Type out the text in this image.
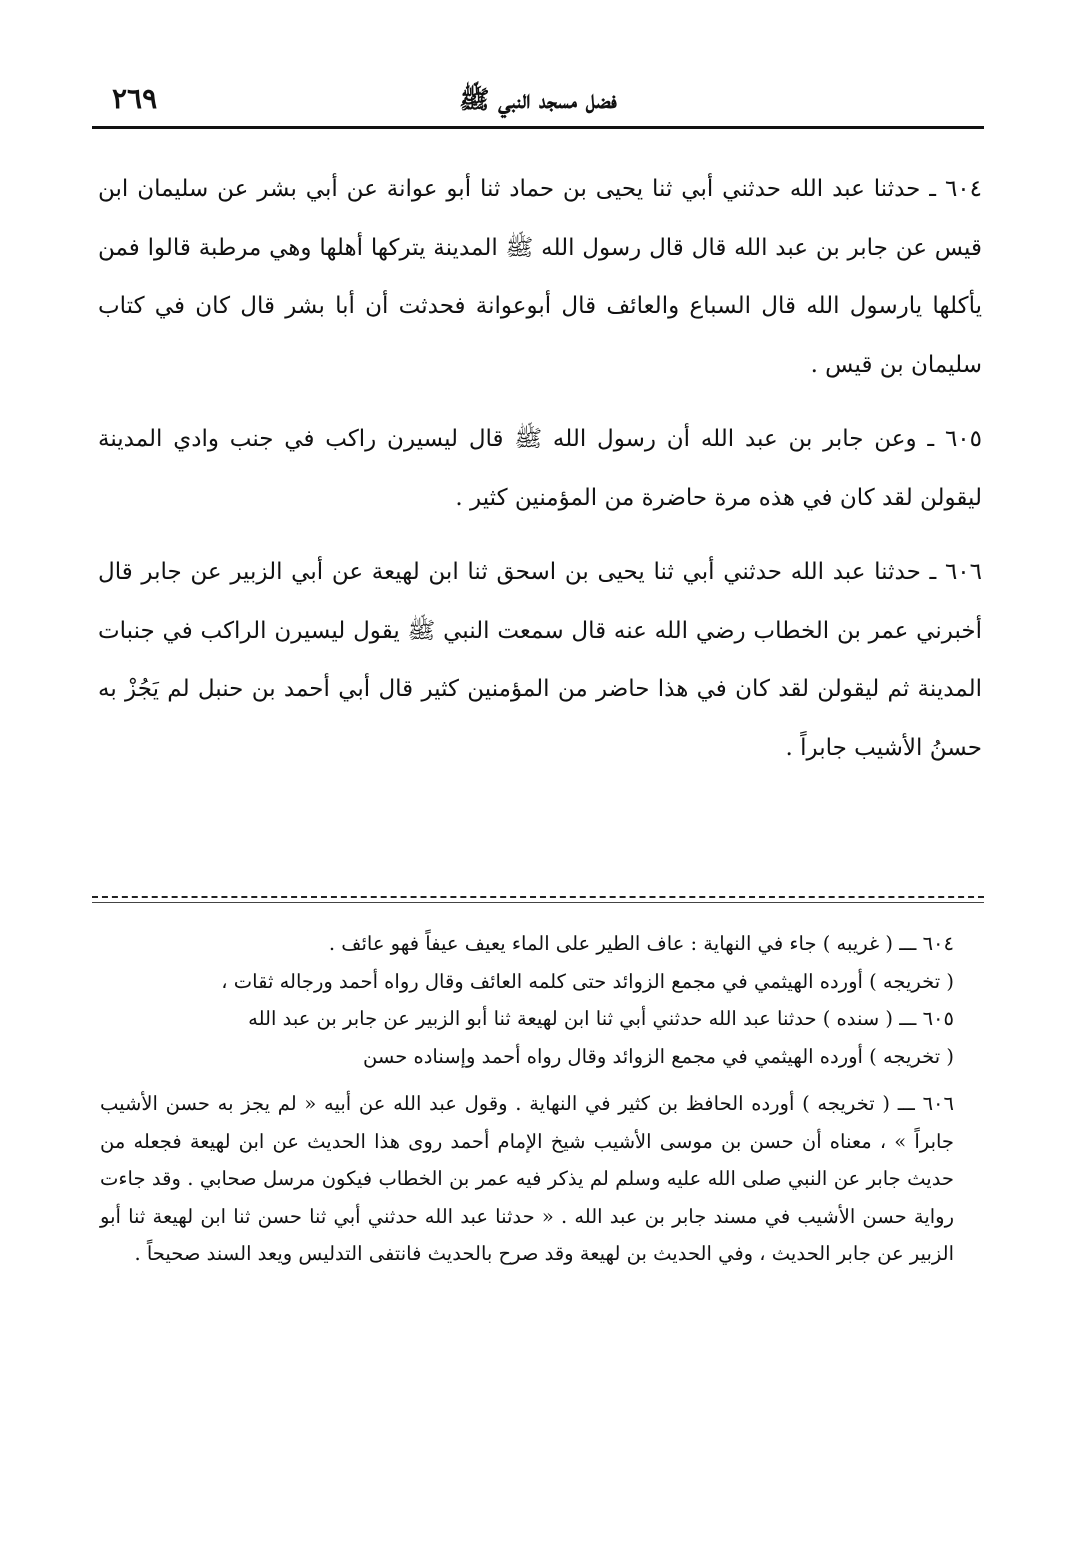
فضل مسجد النبي ﷺ
٢٦٩

٦٠٤ ـ حدثنا عبد الله حدثني أبي ثنا يحيى بن حماد ثنا أبو عوانة عن أبي بشر عن سليمان ابن قيس عن جابر بن عبد الله قال قال رسول الله ﷺ المدينة يتركها أهلها وهي مرطبة قالوا فمن يأكلها يارسول الله قال السباع والعائف قال أبوعوانة فحدثت أن أبا بشر قال كان في كتاب سليمان بن قيس .

٦٠٥ ـ وعن جابر بن عبد الله أن رسول الله ﷺ قال ليسيرن راكب في جنب وادي المدينة ليقولن لقد كان في هذه مرة حاضرة من المؤمنين كثير .

٦٠٦ ـ حدثنا عبد الله حدثني أبي ثنا يحيى بن اسحق ثنا ابن لهيعة عن أبي الزبير عن جابر قال أخبرني عمر بن الخطاب رضي الله عنه قال سمعت النبي ﷺ يقول ليسيرن الراكب في جنبات المدينة ثم ليقولن لقد كان في هذا حاضر من المؤمنين كثير قال أبي أحمد بن حنبل لم يَجُزْ به حسنُ الأشيب جابراً .

٦٠٤ ـــ ( غريبه ) جاء في النهاية : عاف الطير على الماء يعيف عيفاً فهو عائف .

( تخريجه ) أورده الهيثمي في مجمع الزوائد حتى كلمه العائف وقال رواه أحمد ورجاله ثقات ،

٦٠٥ ـــ ( سنده ) حدثنا عبد الله حدثني أبي ثنا ابن لهيعة ثنا أبو الزبير عن جابر بن عبد الله

( تخريجه ) أورده الهيثمي في مجمع الزوائد وقال رواه أحمد وإسناده حسن

٦٠٦ ـــ ( تخريجه ) أورده الحافظ بن كثير في النهاية . وقول عبد الله عن أبيه « لم يجز به حسن الأشيب جابراً » ، معناه أن حسن بن موسى الأشيب شيخ الإمام أحمد روى هذا الحديث عن ابن لهيعة فجعله من حديث جابر عن النبي صلى الله عليه وسلم لم يذكر فيه عمر بن الخطاب فيكون مرسل صحابي . وقد جاءت رواية حسن الأشيب في مسند جابر بن عبد الله . « حدثنا عبد الله حدثني أبي ثنا حسن ثنا ابن لهيعة ثنا أبو الزبير عن جابر الحديث ، وفي الحديث بن لهيعة وقد صرح بالحديث فانتفى التدليس ويعد السند صحيحاً .
